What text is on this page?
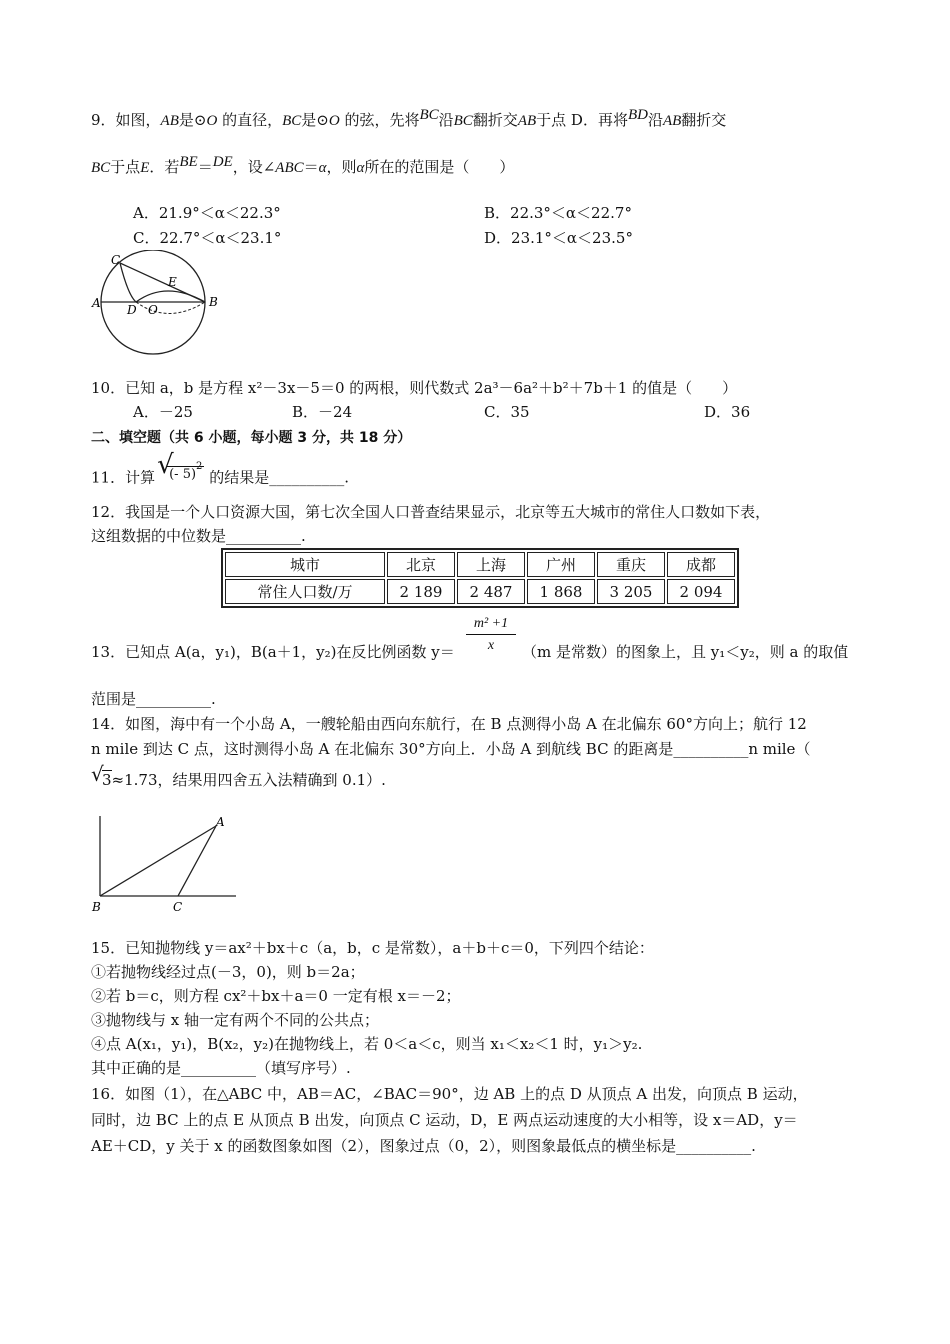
9．如图，AB是⊙O 的直径，BC是⊙O 的弦，先将BC沿BC翻折交AB于点 D．再将BD沿AB翻折交
BC于点E．若BE＝DE，设∠ABC＝α，则α所在的范围是（　　）
A．21.9°＜α＜22.3°	B．22.3°＜α＜22.7°
C．22.7°＜α＜23.1°	D．23.1°＜α＜23.5°
A	B
C
D
E
O
10．已知 a，b 是方程 x²－3x－5＝0 的两根，则代数式 2a³－6a²＋b²＋7b＋1 的值是（　　）
A．－25	B．－24	C．35	D．36
二、填空题（共 6 小题，每小题 3 分，共 18 分）
11．计算 √
(- 5)$^2$ 的结果是__________.
12．我国是一个人口资源大国，第七次全国人口普查结果显示，北京等五大城市的常住人口数如下表，
这组数据的中位数是__________.
城市	北京	上海	广州	重庆	成都
常住人口数/万	2 189	2 487	1 868	3 205	2 094
$\frac{\text{m² +1}}{x}$
13．已知点 A(a，y₁)，B(a＋1，y₂)在反比例函数 y＝	（m 是常数）的图象上，且 y₁＜y₂，则 a 的取值
范围是__________.
14．如图，海中有一个小岛 A，一艘轮船由西向东航行，在 B 点测得小岛 A 在北偏东 60°方向上；航行 12
n mile 到达 C 点，这时测得小岛 A 在北偏东 30°方向上．小岛 A 到航线 BC 的距离是__________n mile（
√
3≈1.73，结果用四舍五入法精确到 0.1）.
A
B	C
15．已知抛物线 y＝ax²＋bx＋c（a，b，c 是常数），a＋b＋c＝0，下列四个结论：
①若抛物线经过点(－3，0)，则 b＝2a；
②若 b＝c，则方程 cx²＋bx＋a＝0 一定有根 x＝－2；
③抛物线与 x 轴一定有两个不同的公共点；
④点 A(x₁，y₁)，B(x₂，y₂)在抛物线上，若 0＜a＜c，则当 x₁＜x₂＜1 时，y₁＞y₂.
其中正确的是__________（填写序号）.
16．如图（1），在△ABC 中，AB＝AC，∠BAC＝90°，边 AB 上的点 D 从顶点 A 出发，向顶点 B 运动，
同时，边 BC 上的点 E 从顶点 B 出发，向顶点 C 运动，D，E 两点运动速度的大小相等，设 x＝AD，y＝
AE＋CD，y 关于 x 的函数图象如图（2），图象过点（0，2），则图象最低点的横坐标是__________.
